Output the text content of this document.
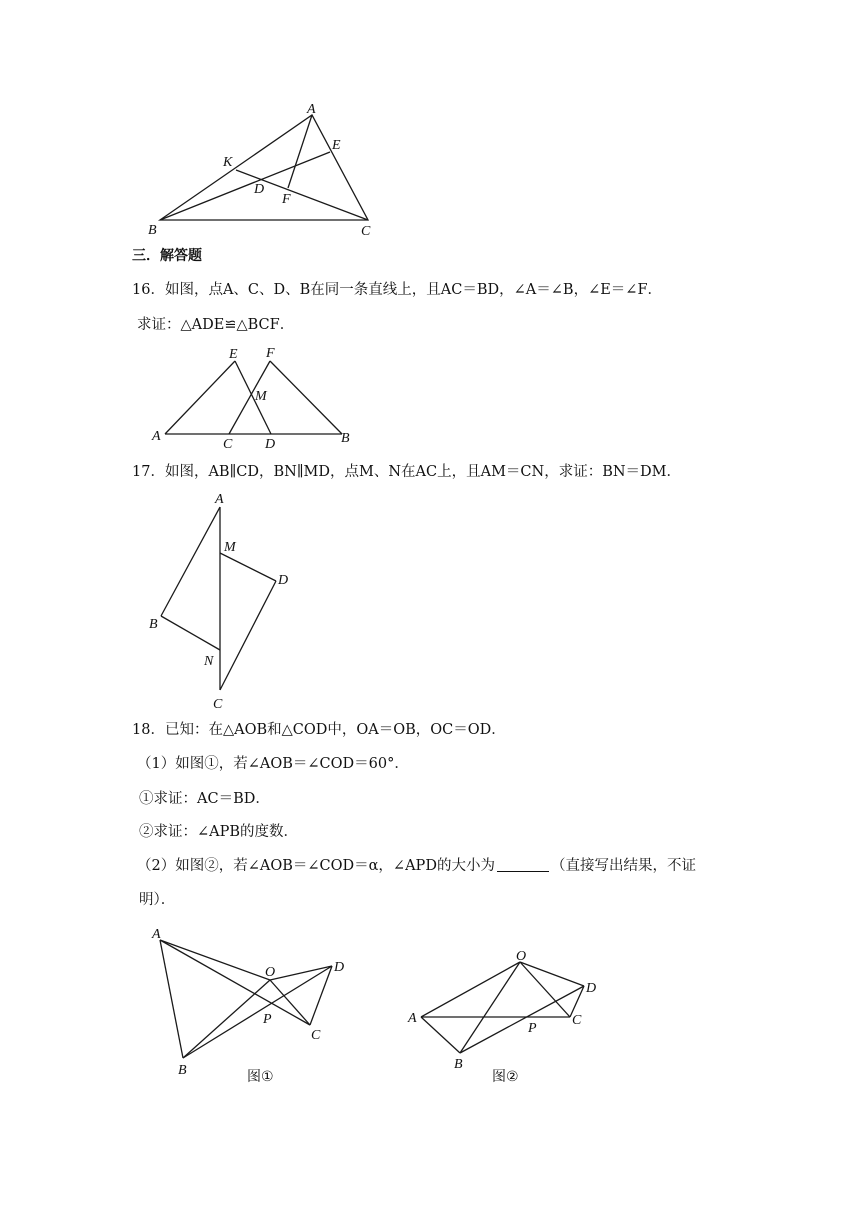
A
B	C
D
E
F
K
三．解答题
16．如图，点A、C、D、B在同一条直线上，且AC＝BD，∠A＝∠B，∠E＝∠F．
求证：△ADE≌△BCF．
E F
M
A
C D	B
17．如图，AB∥CD，BN∥MD，点M、N在AC上，且AM＝CN，求证：BN＝DM．
A
M
D
B
N
C
18．已知：在△AOB和△COD中，OA＝OB，OC＝OD．
（1）如图①，若∠AOB＝∠COD＝60°．
①求证：AC＝BD．
②求证：∠APB的度数．
（2）如图②，若∠AOB＝∠COD＝α，∠APD的大小为	（直接写出结果，不证
明）．
A
O	D
P
C
B	图①
O
D
A
P
C
B
图②
